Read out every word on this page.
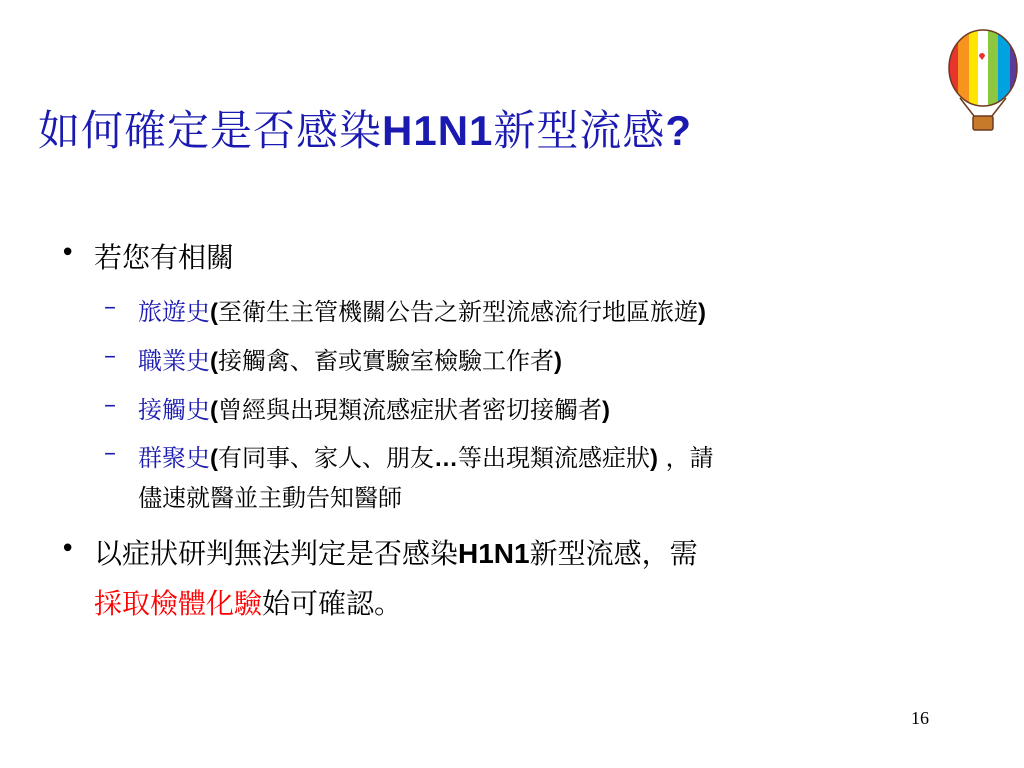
如何確定是否感染H1N1新型流感?
• 若您有相關
– 旅遊史(至衛生主管機關公告之新型流感流行地區旅遊)
– 職業史(接觸禽、畜或實驗室檢驗工作者)
– 接觸史(曾經與出現類流感症狀者密切接觸者)
– 群聚史(有同事、家人、朋友…等出現類流感症狀) ，請
儘速就醫並主動告知醫師
• 以症狀研判無法判定是否感染H1N1新型流感，需
採取檢體化驗始可確認。
16
